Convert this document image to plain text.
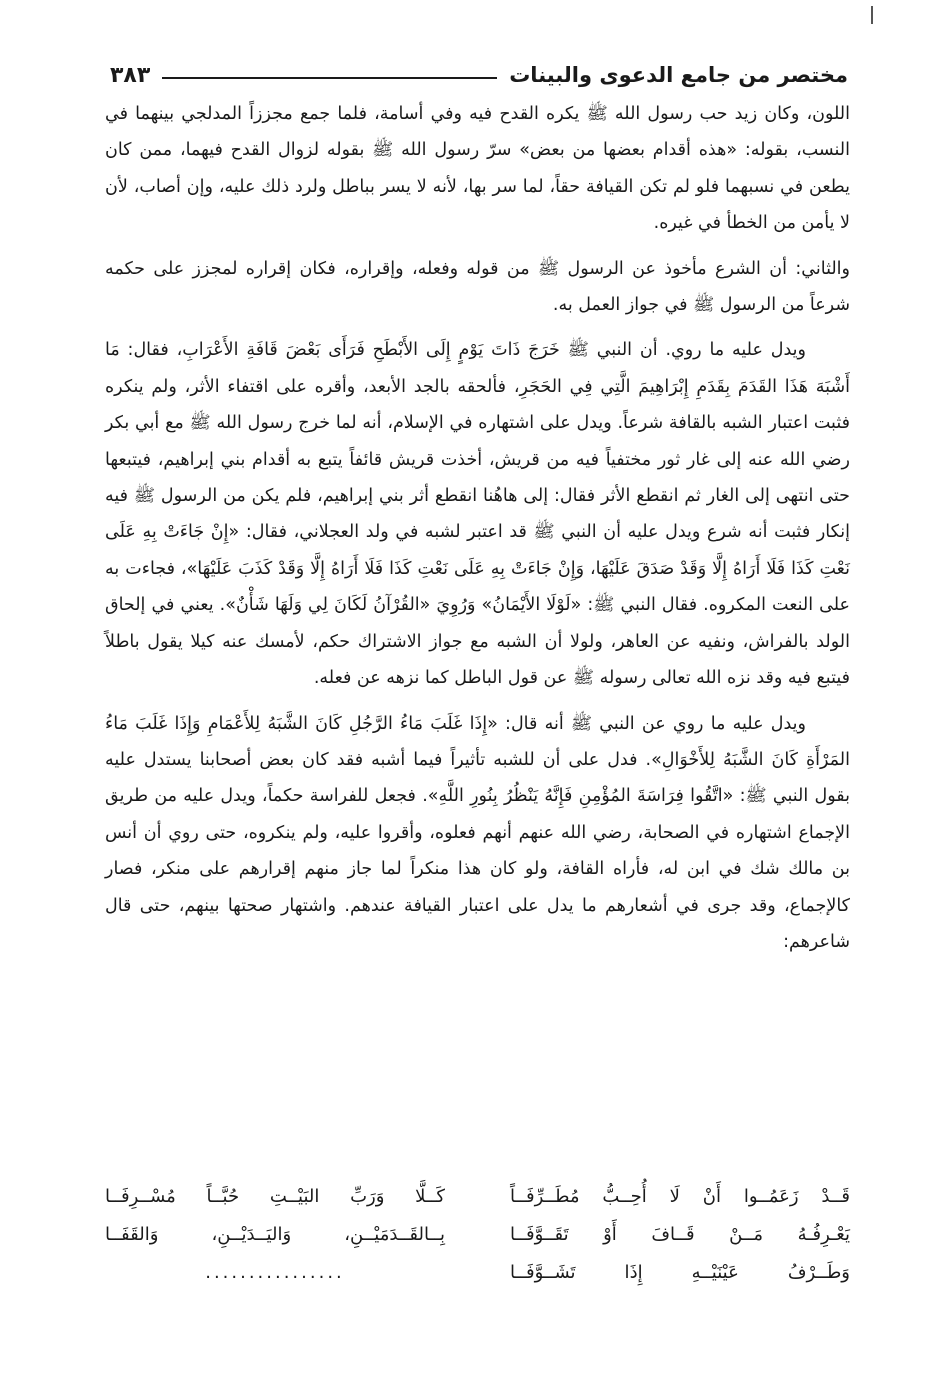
مختصر من جامع الدعوى والبينات
٣٨٣

اللون، وكان زيد حب رسول الله ﷺ يكره القدح فيه وفي أسامة، فلما جمع مجززاً المدلجي بينهما في النسب، بقوله: «هذه أقدام بعضها من بعض» سرّ رسول الله ﷺ بقوله لزوال القدح فيهما، ممن كان يطعن في نسبهما فلو لم تكن القيافة حقاً، لما سر بها، لأنه لا يسر بباطل ولرد ذلك عليه، وإن أصاب، لأن لا يأمن من الخطأ في غيره.

والثاني: أن الشرع مأخوذ عن الرسول ﷺ من قوله وفعله، وإقراره، فكان إقراره لمجزز على حكمه شرعاً من الرسول ﷺ في جواز العمل به.

ويدل عليه ما روي. أن النبي ﷺ خَرَجَ ذَاتَ يَوْمٍ إِلَى الأَبْطَحِ فَرَأَى بَعْضَ قَافَةِ الأَعْرَابِ، فقال: مَا أَشْبَهَ هَذَا القَدَمَ بِقَدَمِ إِبْرَاهِيمَ الَّتِي فِي الحَجَرِ، فألحقه بالجد الأبعد، وأقره على اقتفاء الأثر، ولم ينكره فثبت اعتبار الشبه بالقافة شرعاً. ويدل على اشتهاره في الإسلام، أنه لما خرج رسول الله ﷺ مع أبي بكر رضي الله عنه إلى غار ثور مختفياً فيه من قريش، أخذت قريش قائفاً يتبع به أقدام بني إبراهيم، فيتبعها حتى انتهى إلى الغار ثم انقطع الأثر فقال: إلى هاهُنا انقطع أثر بني إبراهيم، فلم يكن من الرسول ﷺ فيه إنكار فثبت أنه شرع ويدل عليه أن النبي ﷺ قد اعتبر لشبه في ولد العجلاني، فقال: «إِنْ جَاءَتْ بِهِ عَلَى نَعْتِ كَذَا فَلَا أَرَاهُ إِلَّا وَقَدْ صَدَقَ عَلَيْهَا، وَإِنْ جَاءَتْ بِهِ عَلَى نَعْتِ كَذَا فَلَا أَرَاهُ إِلَّا وَقَدْ كَذَبَ عَلَيْهَا»، فجاءت به على النعت المكروه. فقال النبي ﷺ: «لَوْلَا الأَيْمَانُ» وَرُوِيَ «القُرْآنُ لَكَانَ لِي وَلَهَا شَأْنٌ». يعني في إلحاق الولد بالفراش، ونفيه عن العاهر، ولولا أن الشبه مع جواز الاشتراك حكم، لأمسك عنه كيلا يقول باطلاً فيتبع فيه وقد نزه الله تعالى رسوله ﷺ عن قول الباطل كما نزهه عن فعله.

ويدل عليه ما روي عن النبي ﷺ أنه قال: «إِذَا غَلَبَ مَاءُ الرَّجُلِ كَانَ الشَّبَهُ لِلأَعْمَامِ وَإِذَا غَلَبَ مَاءُ المَرْأَةِ كَانَ الشَّبَهُ لِلأَخْوَالِ». فدل على أن للشبه تأثيراً فيما أشبه فقد كان بعض أصحابنا يستدل عليه بقول النبي ﷺ: «اتَّقُوا فِرَاسَةَ المُؤْمِنِ فَإِنَّهُ يَنْظُرُ بِنُورِ اللَّهِ». فجعل للفراسة حكماً، ويدل عليه من طريق الإجماع اشتهاره في الصحابة، رضي الله عنهم أنهم فعلوه، وأقروا عليه، ولم ينكروه، حتى روي أن أنس بن مالك شك في ابن له، فأراه القافة، ولو كان هذا منكراً لما جاز منهم إقرارهم على منكر، فصار كالإجماع، وقد جرى في أشعارهم ما يدل على اعتبار القيافة عندهم. واشتهار صحتها بينهم، حتى قال شاعرهم:

قَــدْ زَعَمُــوا أَنْ لَا أُحِــبُّ مُطَــرِّفَــاً
كَــلَّا وَرَبِّ البَيْــتِ حُبَّــاً مُسْــرِفَــا
يَعْـرِفُـهُ مَــنْ قَــافَ أَوْ تَقَــوَّفَــا
بِــالقَــدَمَيْــنِ، وَاليَــدَيْــنِ، وَالقَفَــا
وَطَــرْفُ عَيْنَيْــهِ إِذَا تَشَــوَّفَــا
................
